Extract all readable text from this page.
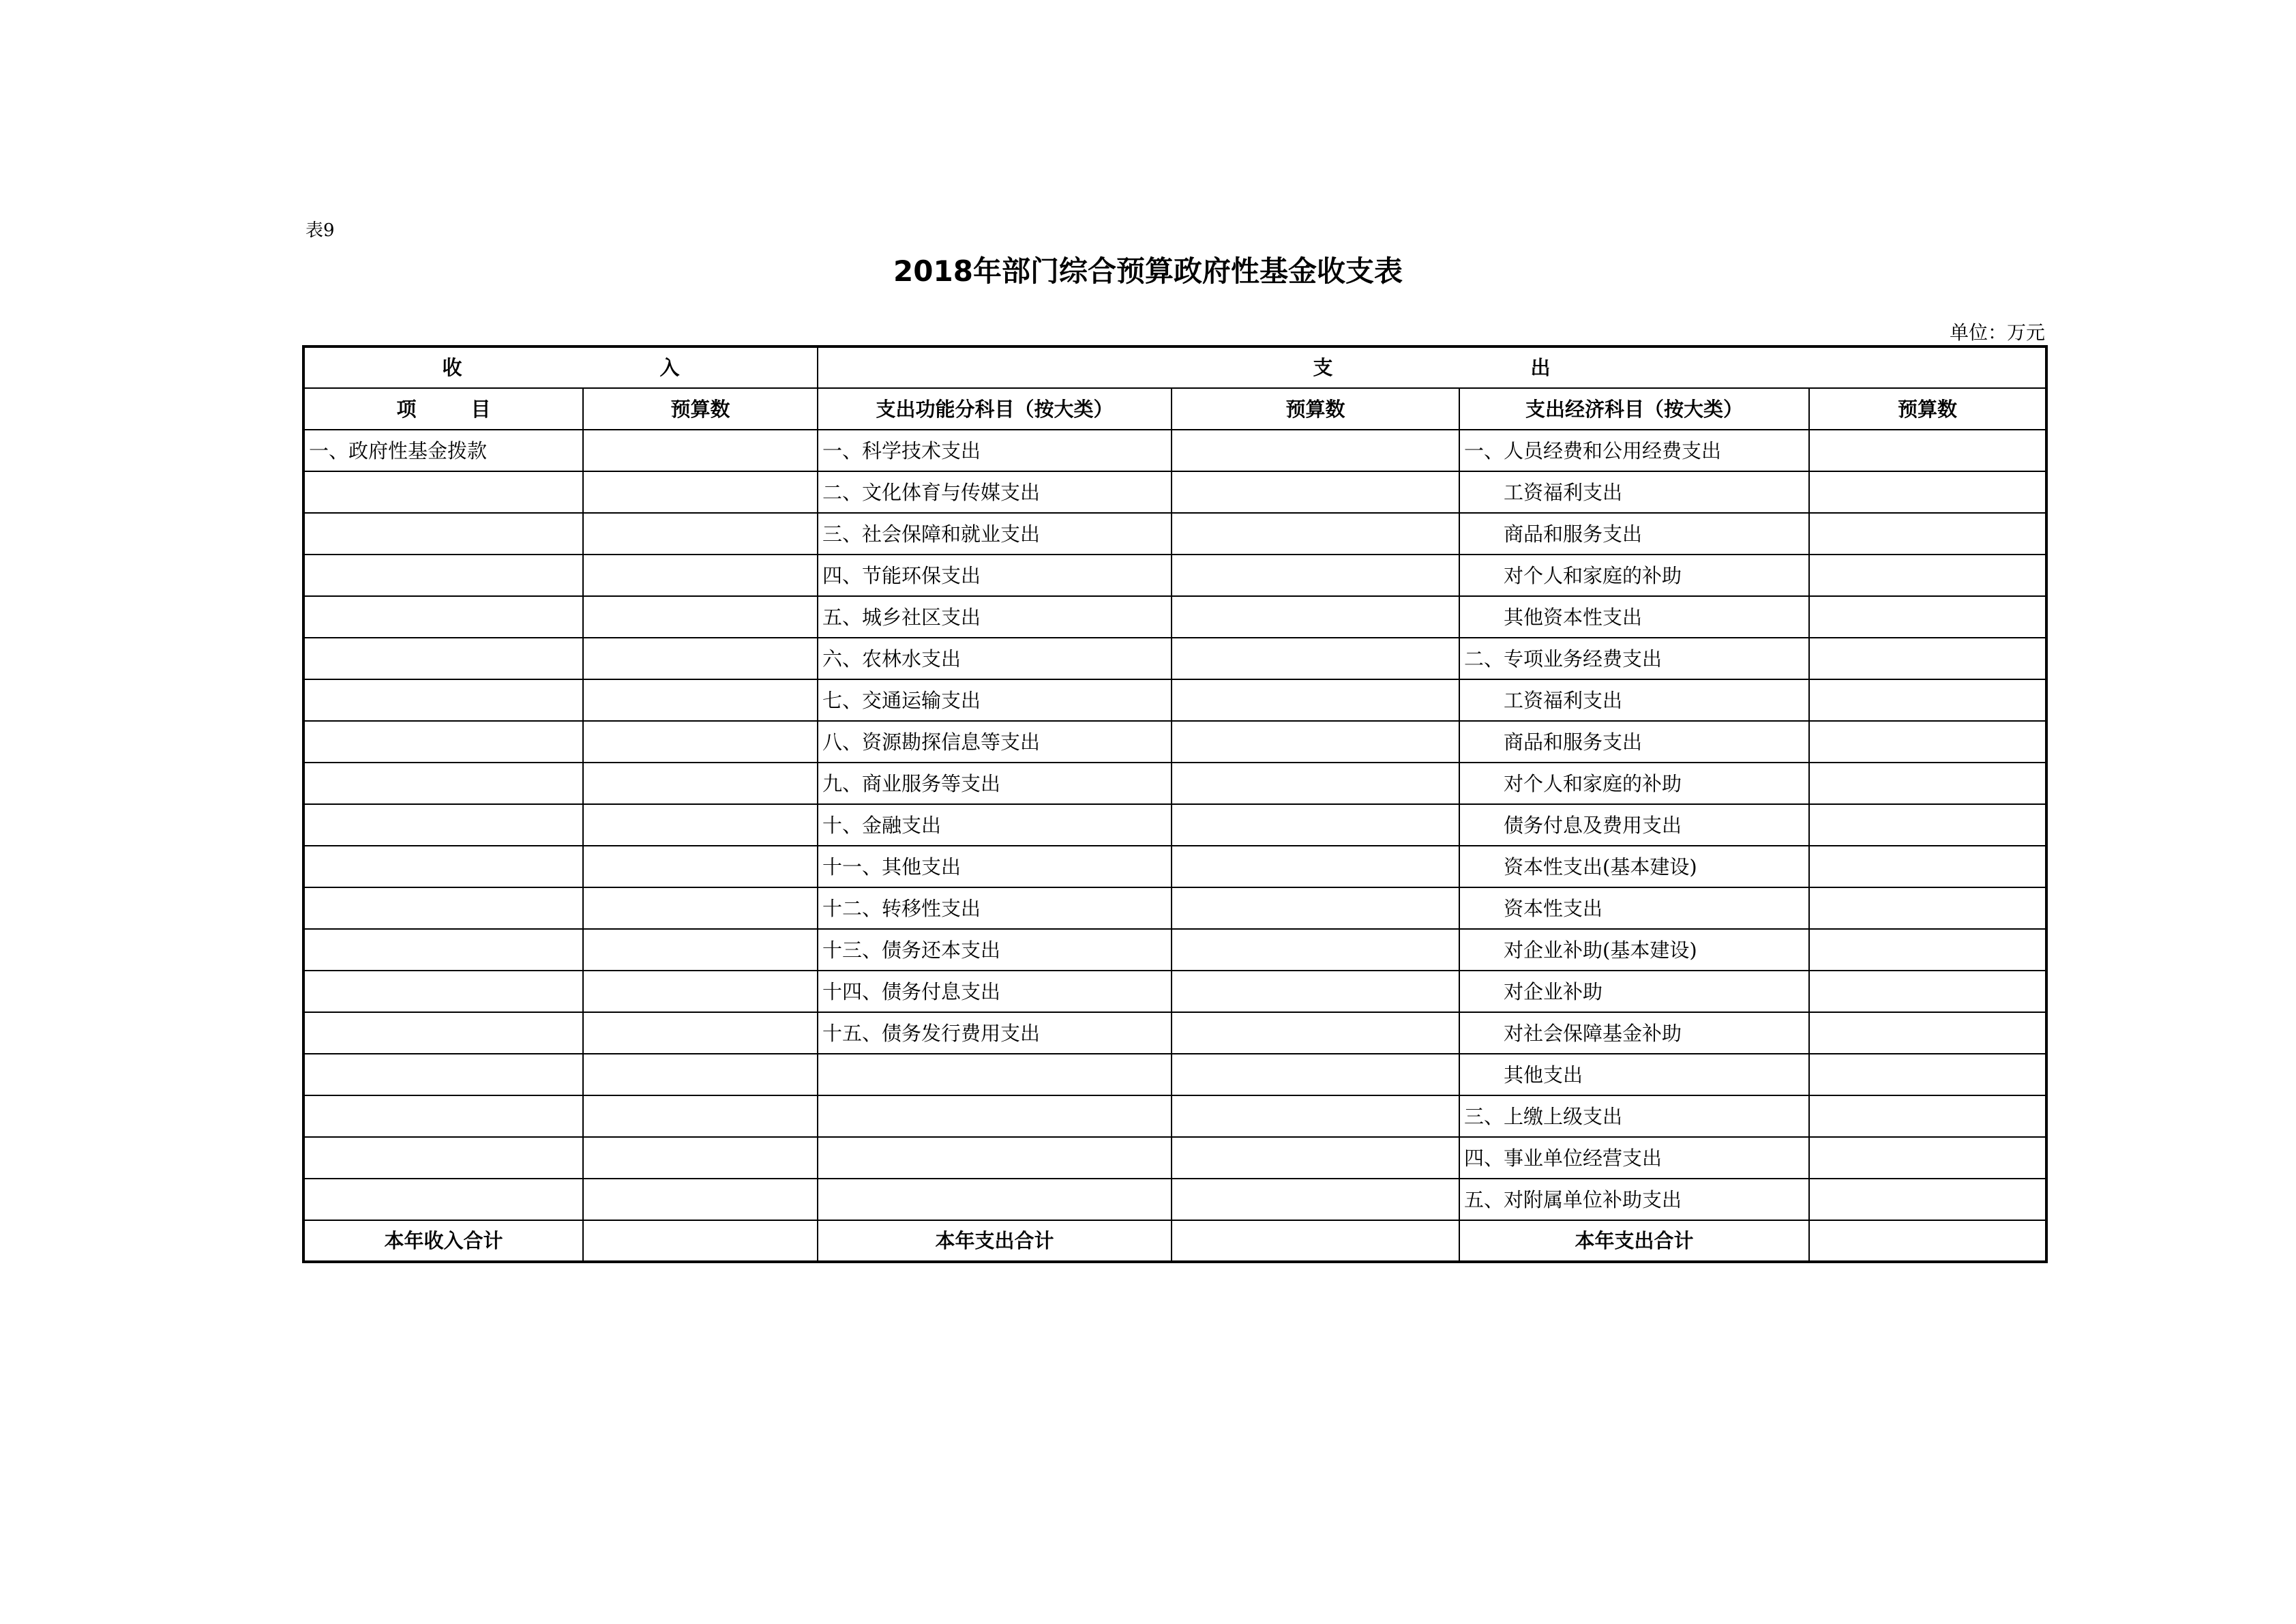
表9
2018年部门综合预算政府性基金收支表
单位：万元
收 入		支 出			
项 目	预算数	支出功能分科目（按大类）	预算数	支出经济科目（按大类）	预算数
一、政府性基金拨款		一、科学技术支出		一、人员经费和公用经费支出	
		二、文化体育与传媒支出		工资福利支出	
		三、社会保障和就业支出		商品和服务支出	
		四、节能环保支出		对个人和家庭的补助	
		五、城乡社区支出		其他资本性支出	
		六、农林水支出		二、专项业务经费支出	
		七、交通运输支出		工资福利支出	
		八、资源勘探信息等支出		商品和服务支出	
		九、商业服务等支出		对个人和家庭的补助	
		十、金融支出		债务付息及费用支出	
		十一、其他支出		资本性支出(基本建设)	
		十二、转移性支出		资本性支出	
		十三、债务还本支出		对企业补助(基本建设)	
		十四、债务付息支出		对企业补助	
		十五、债务发行费用支出		对社会保障基金补助	
				其他支出	
				三、上缴上级支出	
				四、事业单位经营支出	
				五、对附属单位补助支出	
本年收入合计		本年支出合计		本年支出合计	
